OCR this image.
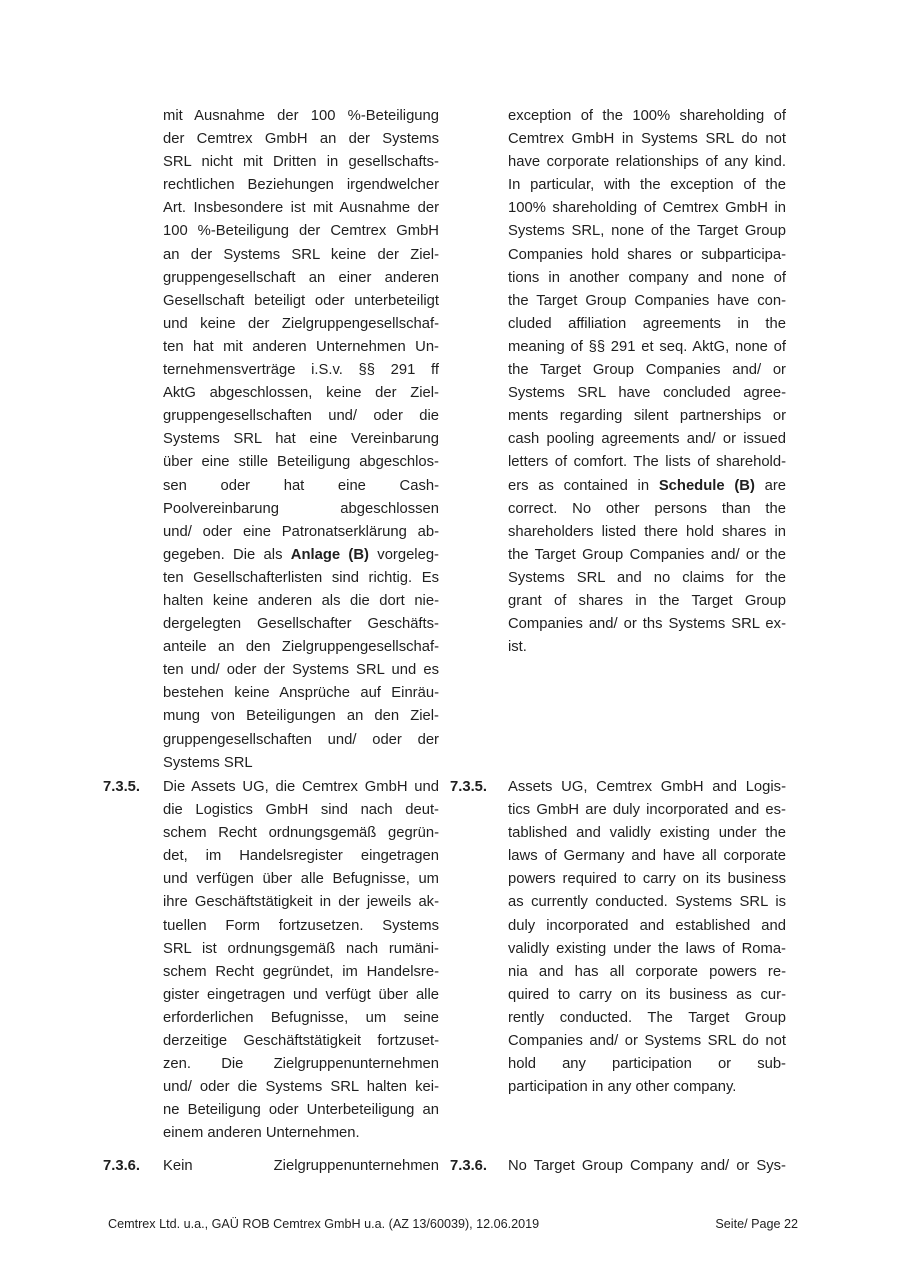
mit Ausnahme der 100 %-Beteiligung
der Cemtrex GmbH an der Systems
SRL nicht mit Dritten in gesellschafts-
rechtlichen Beziehungen irgendwelcher
Art. Insbesondere ist mit Ausnahme der
100 %-Beteiligung der Cemtrex GmbH
an der Systems SRL keine der Ziel-
gruppengesellschaft an einer anderen
Gesellschaft beteiligt oder unterbeteiligt
und keine der Zielgruppengesellschaf-
ten hat mit anderen Unternehmen Un-
ternehmensverträge i.S.v. §§ 291 ff
AktG abgeschlossen, keine der Ziel-
gruppengesellschaften und/ oder die
Systems SRL hat eine Vereinbarung
über eine stille Beteiligung abgeschlos-
sen oder hat eine Cash-
Poolvereinbarung abgeschlossen
und/ oder eine Patronatserklärung ab-
gegeben. Die als Anlage (B) vorgeleg-
ten Gesellschafterlisten sind richtig. Es
halten keine anderen als die dort nie-
dergelegten Gesellschafter Geschäfts-
anteile an den Zielgruppengesellschaf-
ten und/ oder der Systems SRL und es
bestehen keine Ansprüche auf Einräu-
mung von Beteiligungen an den Ziel-
gruppengesellschaften und/ oder der
Systems SRL
exception of the 100% shareholding of
Cemtrex GmbH in Systems SRL do not
have corporate relationships of any kind.
In particular, with the exception of the
100% shareholding of Cemtrex GmbH in
Systems SRL, none of the Target Group
Companies hold shares or subparticipa-
tions in another company and none of
the Target Group Companies have con-
cluded affiliation agreements in the
meaning of §§ 291 et seq. AktG, none of
the Target Group Companies and/ or
Systems SRL have concluded agree-
ments regarding silent partnerships or
cash pooling agreements and/ or issued
letters of comfort. The lists of sharehold-
ers as contained in Schedule (B) are
correct. No other persons than the
shareholders listed there hold shares in
the Target Group Companies and/ or the
Systems SRL and no claims for the
grant of shares in the Target Group
Companies and/ or ths Systems SRL ex-
ist.
7.3.5. Die Assets UG, die Cemtrex GmbH und
die Logistics GmbH sind nach deut-
schem Recht ordnungsgemäß gegrün-
det, im Handelsregister eingetragen
und verfügen über alle Befugnisse, um
ihre Geschäftstätigkeit in der jeweils ak-
tuellen Form fortzusetzen. Systems
SRL ist ordnungsgemäß nach rumäni-
schem Recht gegründet, im Handelsre-
gister eingetragen und verfügt über alle
erforderlichen Befugnisse, um seine
derzeitige Geschäftstätigkeit fortzuset-
zen. Die Zielgruppenunternehmen
und/ oder die Systems SRL halten kei-
ne Beteiligung oder Unterbeteiligung an
einem anderen Unternehmen.
7.3.5. Assets UG, Cemtrex GmbH and Logis-
tics GmbH are duly incorporated and es-
tablished and validly existing under the
laws of Germany and have all corporate
powers required to carry on its business
as currently conducted. Systems SRL is
duly incorporated and established and
validly existing under the laws of Roma-
nia and has all corporate powers re-
quired to carry on its business as cur-
rently conducted. The Target Group
Companies and/ or Systems SRL do not
hold any participation or sub-
participation in any other company.
7.3.6. Kein Zielgruppenunternehmen 7.3.6. No Target Group Company and/ or Sys-
Cemtrex Ltd. u.a., GAÜ ROB Cemtrex GmbH u.a. (AZ 13/60039), 12.06.2019	Seite/ Page 22
